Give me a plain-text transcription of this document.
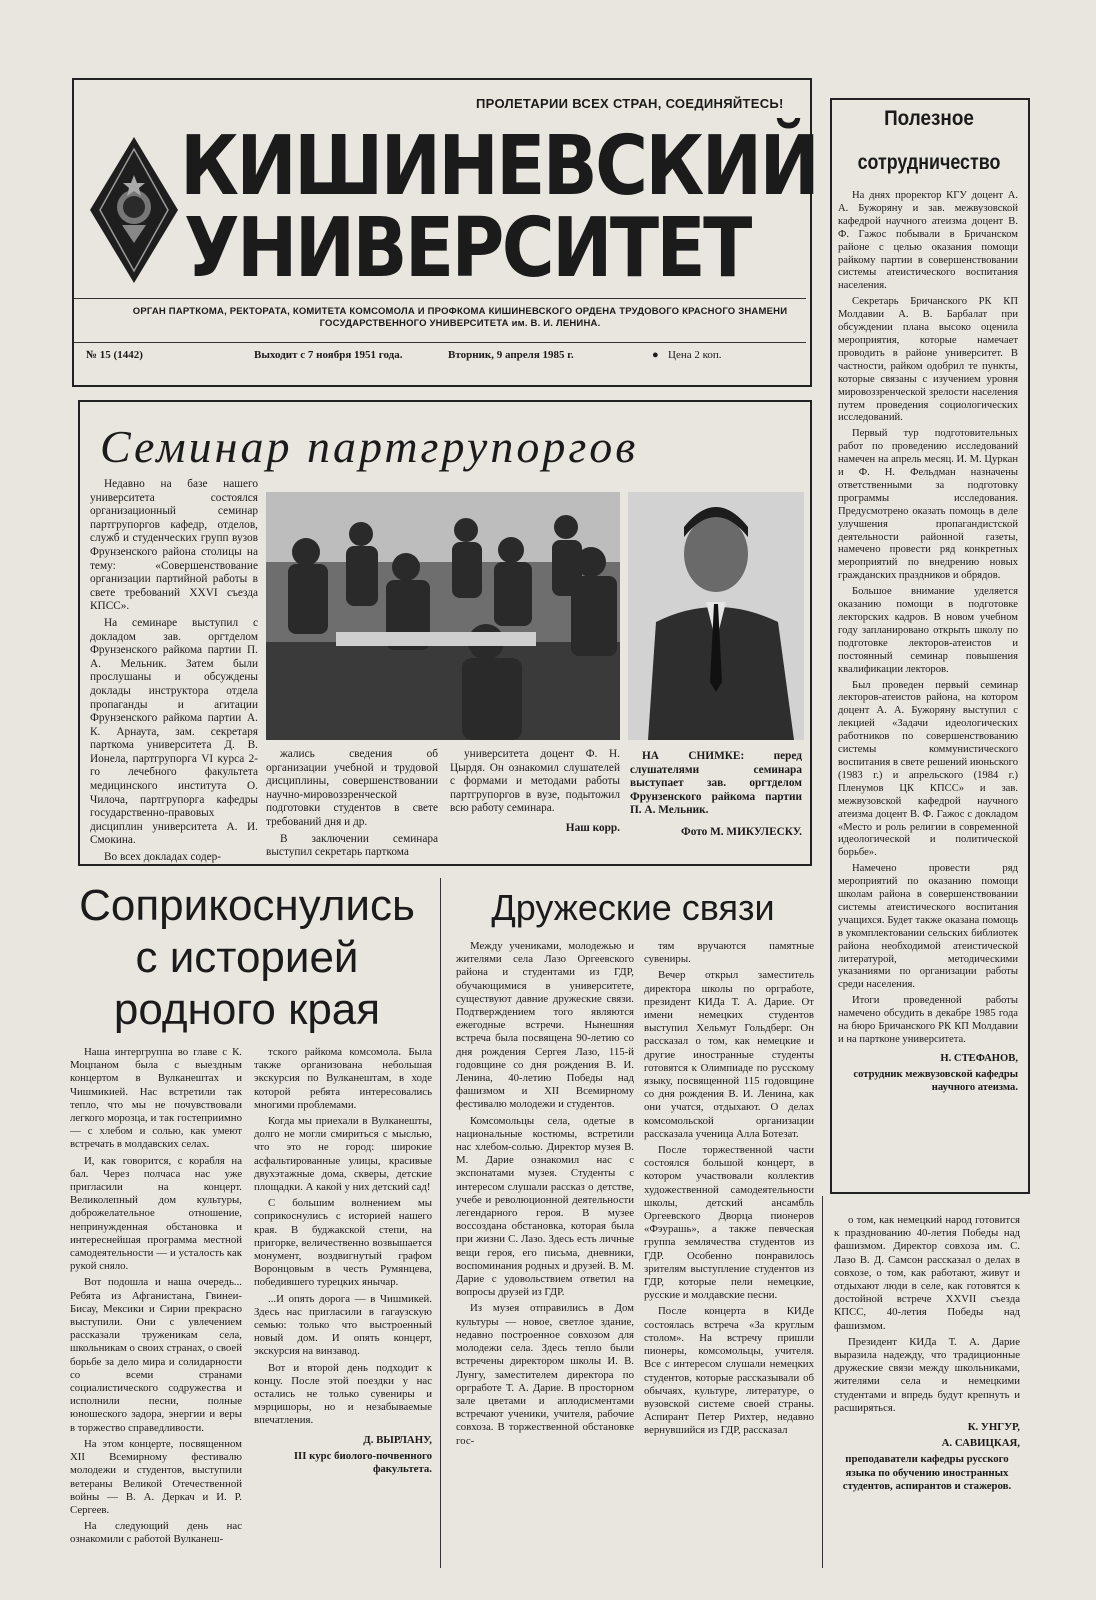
ПРОЛЕТАРИИ ВСЕХ СТРАН, СОЕДИНЯЙТЕСЬ!
КИШИНЕВСКИЙ
УНИВЕРСИТЕТ
ОРГАН ПАРТКОМА, РЕКТОРАТА, КОМИТЕТА КОМСОМОЛА И ПРОФКОМА КИШИНЕВСКОГО ОРДЕНА ТРУДОВОГО КРАСНОГО ЗНАМЕНИ ГОСУДАРСТВЕННОГО УНИВЕРСИТЕТА им. В. И. ЛЕНИНА.
№ 15 (1442)	Выходит с 7 ноября 1951 года.	Вторник, 9 апреля 1985 г.	● Цена 2 коп.
Полезное
сотрудничество

На днях проректор КГУ доцент А. А. Бужоряну и зав. межвузовской кафедрой научного атеизма доцент В. Ф. Гажос побывали в Бричанском районе с целью оказания помощи райкому партии в совершенствовании системы атеистического воспитания населения.

Секретарь Бричанского РК КП Молдавии А. В. Барбалат при обсуждении плана высоко оценила мероприятия, которые намечает проводить в районе университет. В частности, райком одобрил те пункты, которые связаны с изучением уровня мировоззренческой зрелости населения путем проведения социологических исследований.

Первый тур подготовительных работ по проведению исследований намечен на апрель месяц. И. М. Цуркан и Ф. Н. Фельдман назначены ответственными за подготовку программы исследования. Предусмотрено оказать помощь в деле улучшения пропагандистской деятельности районной газеты, намечено провести ряд конкретных мероприятий по внедрению новых гражданских праздников и обрядов.

Большое внимание уделяется оказанию помощи в подготовке лекторских кадров. В новом учебном году запланировано открыть школу по подготовке лекторов-атеистов и постоянный семинар повышения квалификации лекторов.

Был проведен первый семинар лекторов-атеистов района, на котором доцент А. А. Бужоряну выступил с лекцией «Задачи идеологических работников по совершенствованию системы коммунистического воспитания в свете решений июньского (1983 г.) и апрельского (1984 г.) Пленумов ЦК КПСС» и зав. межвузовской кафедрой научного атеизма доцент В. Ф. Гажос с докладом «Место и роль религии в современной идеологической и политической борьбе».

Намечено провести ряд мероприятий по оказанию помощи школам района в совершенствовании системы атеистического воспитания учащихся. Будет также оказана помощь в укомплектовании сельских библиотек района необходимой атеистической литературой, методическими указаниями по организации работы среди населения.

Итоги проведенной работы намечено обсудить в декабре 1985 года на бюро Бричанского РК КП Молдавии и на партконе университета.

Н. СТЕФАНОВ,

сотрудник межвузовской кафедры научного атеизма.

Семинар партгрупоргов

Недавно на базе нашего университета состоялся организационный семинар партгрупоргов кафедр, отделов, служб и студенческих групп вузов Фрунзенского района столицы на тему: «Совершенствование организации партийной работы в свете требований XXVI съезда КПСС».

На семинаре выступил с докладом зав. оргтделом Фрунзенского райкома партии П. А. Мельник. Затем были прослушаны и обсуждены доклады инструктора отдела пропаганды и агитации Фрунзенского райкома партии А. К. Арнаута, зам. секретаря парткома университета Д. В. Ионела, партгрупорга VI курса 2-го лечебного факультета медицинского института О. Чилоча, партгрупорга кафедры государственно-правовых дисциплин университета А. И. Смокина.

Во всех докладах содер-

жались сведения об организации учебной и трудовой дисциплины, совершенствовании научно-мировоззренческой подготовки студентов в свете требований дня и др.

В заключении семинара выступил секретарь парткома

университета доцент Ф. Н. Цырдя. Он ознакомил слушателей с формами и методами работы партгрупоргов в вузе, подытожил всю работу семинара.

Наш корр.

НА СНИМКЕ: перед слушателями семинара выступает зав. оргтделом Фрунзенского райкома партии П. А. Мельник.

Фото М. МИКУЛЕСКУ.
Соприкоснулись с историей родного края

Наша интергруппа во главе с К. Моцпаном была с выездным концертом в Вулканештах и Чишмикией. Нас встретили так тепло, что мы не почувствовали легкого морозца, и так гостеприимно — с хлебом и солью, как умеют встречать в молдавских селах.

И, как говорится, с корабля на бал. Через полчаса нас уже пригласили на концерт. Великолепный дом культуры, доброжелательное отношение, непринужденная обстановка и интереснейшая программа местной самодеятельности — и усталость как рукой сняло.

Вот подошла и наша очередь... Ребята из Афганистана, Гвинеи-Бисау, Мексики и Сирии прекрасно выступили. Они с увлечением рассказали труженикам села, школьникам о своих странах, о своей борьбе за дело мира и солидарности со всеми странами социалистического содружества и исполнили песни, полные юношеского задора, энергии и веры в торжество справедливости.

На этом концерте, посвященном XII Всемирному фестивалю молодежи и студентов, выступили ветераны Великой Отечественной войны — В. А. Деркач и И. Р. Сергеев.

На следующий день нас ознакомили с работой Вулканеш-

тского райкома комсомола. Была также организована небольшая экскурсия по Вулканештам, в ходе которой ребята интересовались многими проблемами.

Когда мы приехали в Вулканешты, долго не могли смириться с мыслью, что это не город: широкие асфальтированные улицы, красивые двухэтажные дома, скверы, детские площадки. А какой у них детский сад!

С большим волнением мы соприкоснулись с историей нашего края. В буджакской степи, на пригорке, величественно возвышается монумент, воздвигнутый графом Воронцовым в честь Румянцева, победившего турецких янычар.

...И опять дорога — в Чишмикей. Здесь нас пригласили в гагаузскую семью: только что выстроенный новый дом. И опять концерт, экскурсия на винзавод.

Вот и второй день подходит к концу. После этой поездки у нас остались не только сувениры и мэрцишоры, но и незабываемые впечатления.

Д. ВЫРЛАНУ,

III курс биолого-почвенного факультета.

Дружеские связи

Между учениками, молодежью и жителями села Лазо Оргеевского района и студентами из ГДР, обучающимися в университете, существуют давние дружеские связи. Подтверждением того являются ежегодные встречи. Нынешняя встреча была посвящена 90-летию со дня рождения Сергея Лазо, 115-й годовщине со дня рождения В. И. Ленина, 40-летию Победы над фашизмом и XII Всемирному фестивалю молодежи и студентов.

Комсомольцы села, одетые в национальные костюмы, встретили нас хлебом-солью. Директор музея В. М. Дарие ознакомил нас с экспонатами музея. Студенты с интересом слушали рассказ о детстве, учебе и революционной деятельности легендарного героя. В музее воссоздана обстановка, которая была при жизни С. Лазо. Здесь есть личные вещи героя, его письма, дневники, воспоминания родных и друзей. В. М. Дарие с удовольствием ответил на вопросы друзей из ГДР.

Из музея отправились в Дом культуры — новое, светлое здание, недавно построенное совхозом для молодежи села. Здесь тепло были встречены директором школы И. В. Лунгу, заместителем директора по оргработе Т. А. Дарие. В просторном зале цветами и аплодисментами встречают ученики, учителя, рабочие совхоза. В торжественной обстановке гос-

тям вручаются памятные сувениры.

Вечер открыл заместитель директора школы по оргработе, президент КИДа Т. А. Дарие. От имени немецких студентов выступил Хельмут Гольдберг. Он рассказал о том, как немецкие и другие иностранные студенты готовятся к Олимпиаде по русскому языку, посвященной 115 годовщине со дня рождения В. И. Ленина, как они учатся, отдыхают. О делах комсомольской организации рассказала ученица Алла Ботезат.

После торжественной части состоялся большой концерт, в котором участвовали коллектив художественной самодеятельности школы, детский ансамбль Оргеевского Дворца пионеров «Фэурашь», а также певческая группа землячества студентов из ГДР. Особенно понравилось зрителям выступление студентов из ГДР, которые пели немецкие, русские и молдавские песни.

После концерта в КИДе состоялась встреча «За круглым столом». На встречу пришли пионеры, комсомольцы, учителя. Все с интересом слушали немецких студентов, которые рассказывали об обычаях, культуре, литературе, о вузовской системе своей страны. Аспирант Петер Рихтер, недавно вернувшийся из ГДР, рассказал

о том, как немецкий народ готовится к празднованию 40-летия Победы над фашизмом. Директор совхоза им. С. Лазо В. Д. Самсон рассказал о делах в совхозе, о том, как работают, живут и отдыхают люди в селе, как готовятся к достойной встрече XXVII съезда КПСС, 40-летия Победы над фашизмом.

Президент КИДа Т. А. Дарие выразила надежду, что традиционные дружеские связи между школьниками, жителями села и немецкими студентами и впредь будут крепнуть и расширяться.

К. УНГУР,

А. САВИЦКАЯ,

преподаватели кафедры русского языка по обучению иностранных студентов, аспирантов и стажеров.
